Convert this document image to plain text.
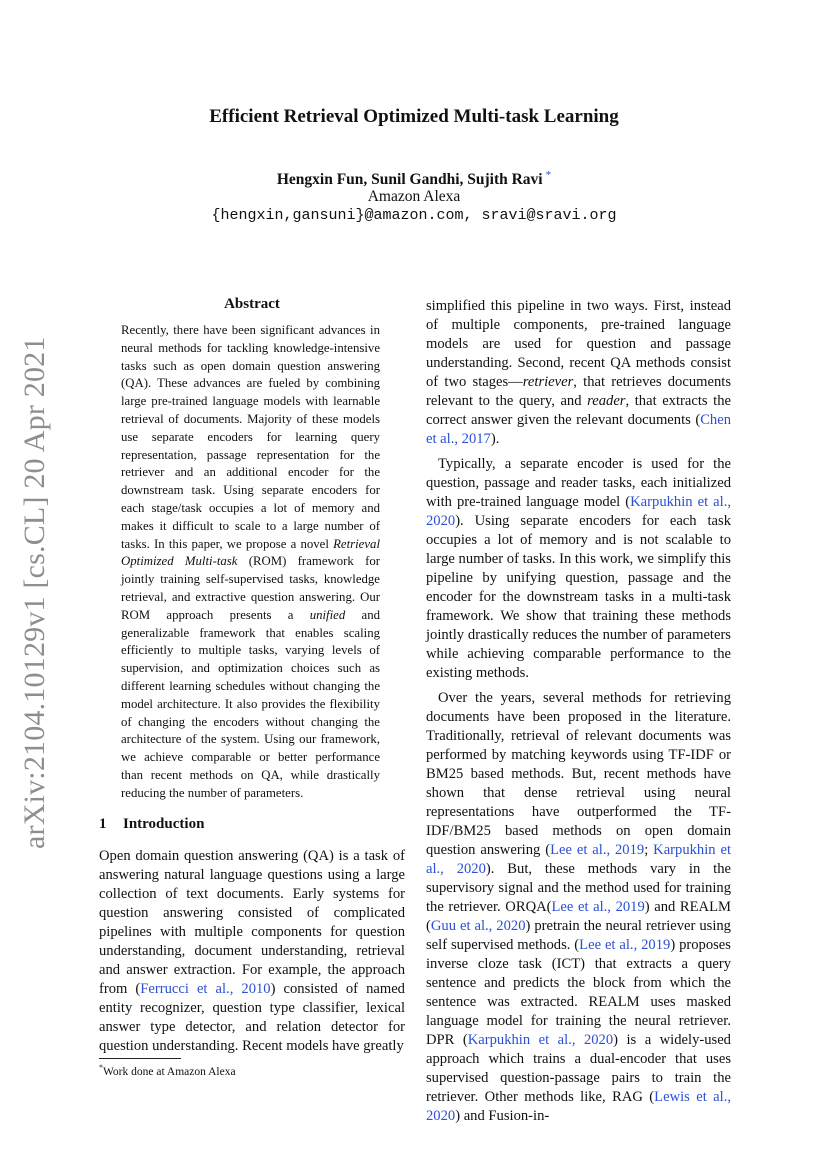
arXiv:2104.10129v1 [cs.CL] 20 Apr 2021
Efficient Retrieval Optimized Multi-task Learning
Hengxin Fun, Sunil Gandhi, Sujith Ravi *
Amazon Alexa
{hengxin,gansuni}@amazon.com, sravi@sravi.org
Abstract
Recently, there have been significant advances in neural methods for tackling knowledge-intensive tasks such as open domain question answering (QA). These advances are fueled by combining large pre-trained language models with learnable retrieval of documents. Majority of these models use separate encoders for learning query representation, passage representation for the retriever and an additional encoder for the downstream task. Using separate encoders for each stage/task occupies a lot of memory and makes it difficult to scale to a large number of tasks. In this paper, we propose a novel Retrieval Optimized Multi-task (ROM) framework for jointly training self-supervised tasks, knowledge retrieval, and extractive question answering. Our ROM approach presents a unified and generalizable framework that enables scaling efficiently to multiple tasks, varying levels of supervision, and optimization choices such as different learning schedules without changing the model architecture. It also provides the flexibility of changing the encoders without changing the architecture of the system. Using our framework, we achieve comparable or better performance than recent methods on QA, while drastically reducing the number of parameters.
1 Introduction

Open domain question answering (QA) is a task of answering natural language questions using a large collection of text documents. Early systems for question answering consisted of complicated pipelines with multiple components for question understanding, document understanding, retrieval and answer extraction. For example, the approach from (Ferrucci et al., 2010) consisted of named entity recognizer, question type classifier, lexical answer type detector, and relation detector for question understanding. Recent models have greatly

simplified this pipeline in two ways. First, instead of multiple components, pre-trained language models are used for question and passage understanding. Second, recent QA methods consist of two stages—retriever, that retrieves documents relevant to the query, and reader, that extracts the correct answer given the relevant documents (Chen et al., 2017).

Typically, a separate encoder is used for the question, passage and reader tasks, each initialized with pre-trained language model (Karpukhin et al., 2020). Using separate encoders for each task occupies a lot of memory and is not scalable to large number of tasks. In this work, we simplify this pipeline by unifying question, passage and the encoder for the downstream tasks in a multi-task framework. We show that training these methods jointly drastically reduces the number of parameters while achieving comparable performance to the existing methods.

Over the years, several methods for retrieving documents have been proposed in the literature. Traditionally, retrieval of relevant documents was performed by matching keywords using TF-IDF or BM25 based methods. But, recent methods have shown that dense retrieval using neural representations have outperformed the TF-IDF/BM25 based methods on open domain question answering (Lee et al., 2019; Karpukhin et al., 2020). But, these methods vary in the supervisory signal and the method used for training the retriever. ORQA(Lee et al., 2019) and REALM (Guu et al., 2020) pretrain the neural retriever using self supervised methods. (Lee et al., 2019) proposes inverse cloze task (ICT) that extracts a query sentence and predicts the block from which the sentence was extracted. REALM uses masked language model for training the neural retriever. DPR (Karpukhin et al., 2020) is a widely-used approach which trains a dual-encoder that uses supervised question-passage pairs to train the retriever. Other methods like, RAG (Lewis et al., 2020) and Fusion-in-

*Work done at Amazon Alexa
